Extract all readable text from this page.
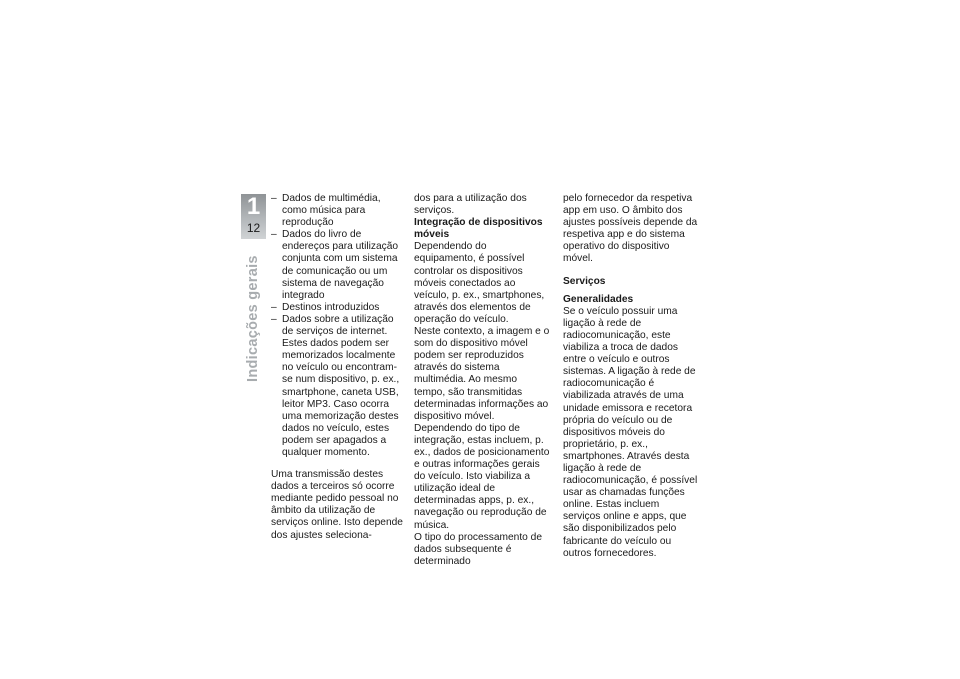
1
12
Indicações gerais
– Dados de multimédia, como música para reprodução
– Dados do livro de endereços para utilização conjunta com um sistema de comunicação ou um sistema de navegação integrado
– Destinos introduzidos
– Dados sobre a utilização de serviços de internet. Estes dados podem ser memorizados localmente no veículo ou encontram-se num dispositivo, p. ex., smartphone, caneta USB, leitor MP3. Caso ocorra uma memorização destes dados no veículo, estes podem ser apagados a qualquer momento.

Uma transmissão destes dados a terceiros só ocorre mediante pedido pessoal no âmbito da utilização de serviços online. Isto depende dos ajustes seleciona-

dos para a utilização dos serviços.

Integração de dispositivos móveis

Dependendo do equipamento, é possível controlar os dispositivos móveis conectados ao veículo, p. ex., smartphones, através dos elementos de operação do veículo.

Neste contexto, a imagem e o som do dispositivo móvel podem ser reproduzidos através do sistema multimédia. Ao mesmo tempo, são transmitidas determinadas informações ao dispositivo móvel. Dependendo do tipo de integração, estas incluem, p. ex., dados de posicionamento e outras informações gerais do veículo. Isto viabiliza a utilização ideal de determinadas apps, p. ex., navegação ou reprodução de música.

O tipo do processamento de dados subsequente é determinado

pelo fornecedor da respetiva app em uso. O âmbito dos ajustes possíveis depende da respetiva app e do sistema operativo do dispositivo móvel.

Serviços
Generalidades

Se o veículo possuir uma ligação à rede de radiocomunicação, este viabiliza a troca de dados entre o veículo e outros sistemas. A ligação à rede de radiocomunicação é viabilizada através de uma unidade emissora e recetora própria do veículo ou de dispositivos móveis do proprietário, p. ex., smartphones. Através desta ligação à rede de radiocomunicação, é possível usar as chamadas funções online. Estas incluem serviços online e apps, que são disponibilizados pelo fabricante do veículo ou outros fornecedores.
